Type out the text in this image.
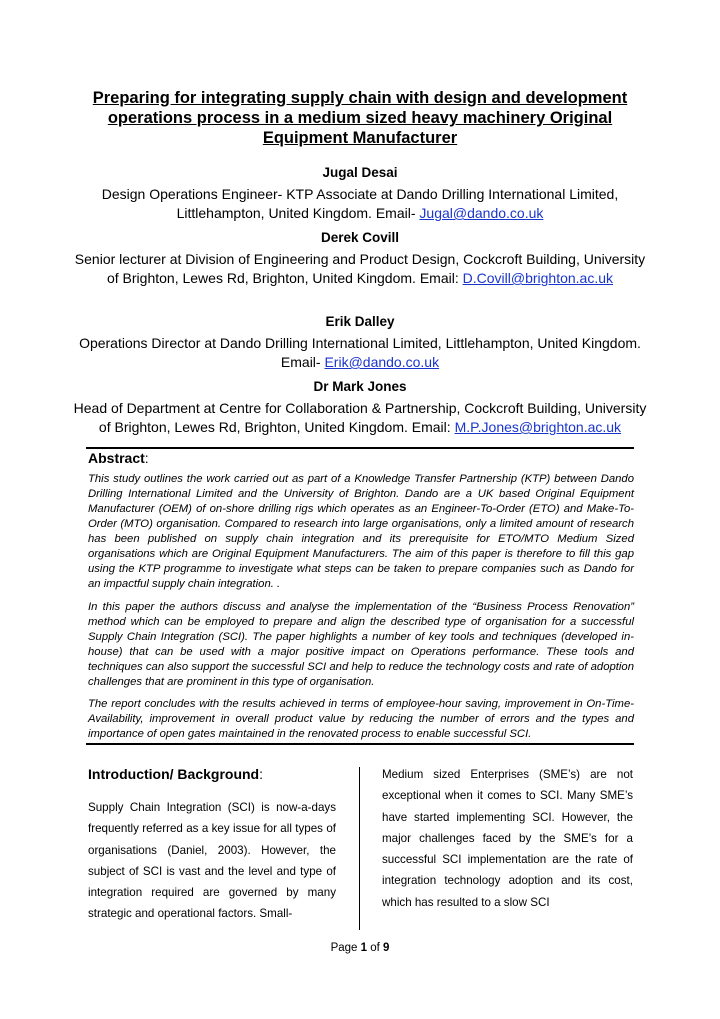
Preparing for integrating supply chain with design and development operations process in a medium sized heavy machinery Original Equipment Manufacturer
Jugal Desai
Design Operations Engineer- KTP Associate at Dando Drilling International Limited, Littlehampton, United Kingdom. Email- Jugal@dando.co.uk
Derek Covill
Senior lecturer at Division of Engineering and Product Design, Cockcroft Building, University of Brighton, Lewes Rd, Brighton, United Kingdom. Email: D.Covill@brighton.ac.uk
Erik Dalley
Operations Director at Dando Drilling International Limited, Littlehampton, United Kingdom. Email- Erik@dando.co.uk
Dr Mark Jones
Head of Department at Centre for Collaboration & Partnership, Cockcroft Building, University of Brighton, Lewes Rd, Brighton, United Kingdom. Email: M.P.Jones@brighton.ac.uk
Abstract:
This study outlines the work carried out as part of a Knowledge Transfer Partnership (KTP) between Dando Drilling International Limited and the University of Brighton. Dando are a UK based Original Equipment Manufacturer (OEM) of on-shore drilling rigs which operates as an Engineer-To-Order (ETO) and Make-To-Order (MTO) organisation. Compared to research into large organisations, only a limited amount of research has been published on supply chain integration and its prerequisite for ETO/MTO Medium Sized organisations which are Original Equipment Manufacturers. The aim of this paper is therefore to fill this gap using the KTP programme to investigate what steps can be taken to prepare companies such as Dando for an impactful supply chain integration. .
In this paper the authors discuss and analyse the implementation of the “Business Process Renovation” method which can be employed to prepare and align the described type of organisation for a successful Supply Chain Integration (SCI). The paper highlights a number of key tools and techniques (developed in-house) that can be used with a major positive impact on Operations performance. These tools and techniques can also support the successful SCI and help to reduce the technology costs and rate of adoption challenges that are prominent in this type of organisation.
The report concludes with the results achieved in terms of employee-hour saving, improvement in On-Time-Availability, improvement in overall product value by reducing the number of errors and the types and importance of open gates maintained in the renovated process to enable successful SCI.
Introduction/ Background:
Supply Chain Integration (SCI) is now-a-days frequently referred as a key issue for all types of organisations (Daniel, 2003). However, the subject of SCI is vast and the level and type of integration required are governed by many strategic and operational factors. Small-
Medium sized Enterprises (SME’s) are not exceptional when it comes to SCI. Many SME’s have started implementing SCI. However, the major challenges faced by the SME’s for a successful SCI implementation are the rate of integration technology adoption and its cost, which has resulted to a slow SCI
Page 1 of 9
